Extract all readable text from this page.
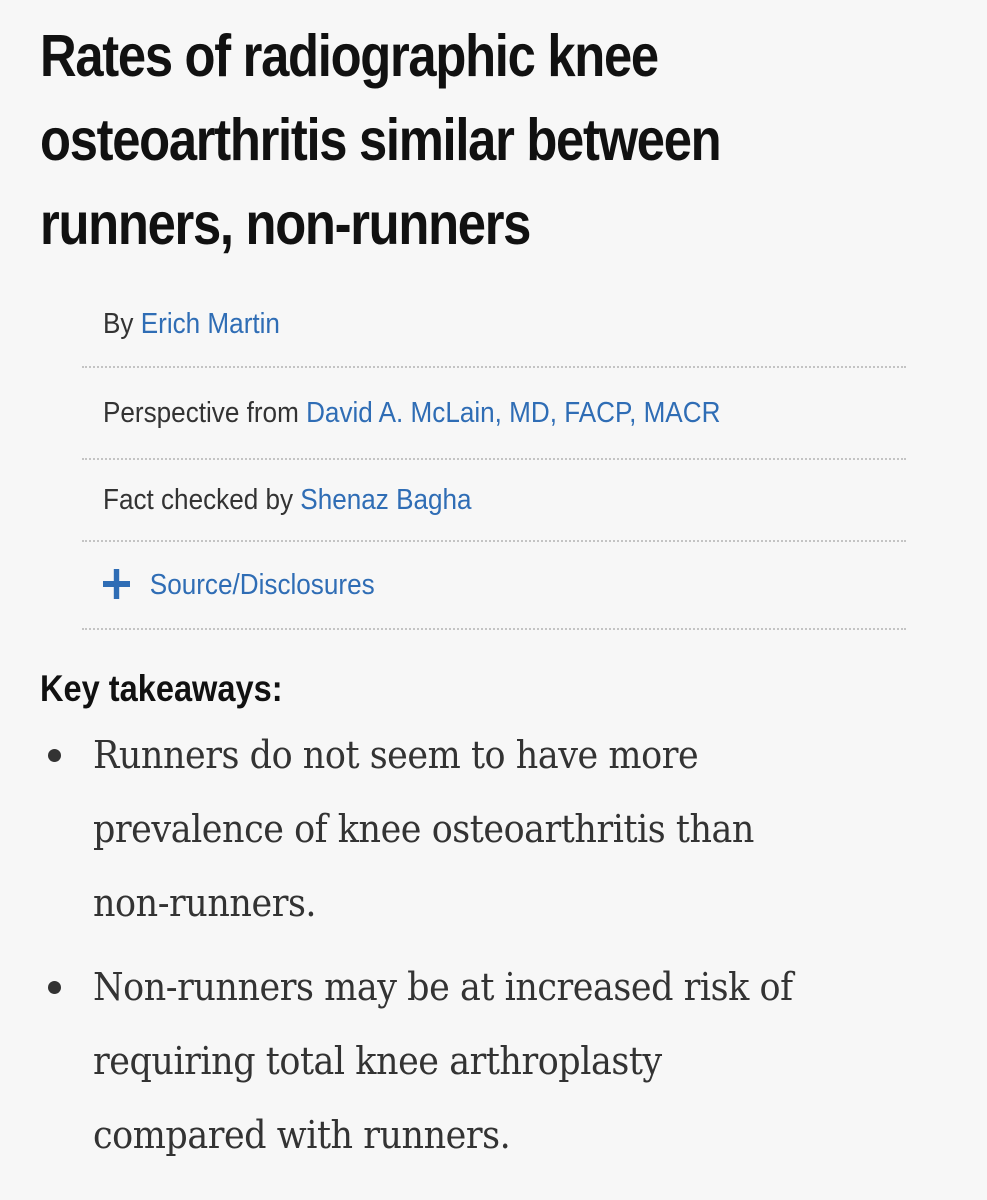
Rates of radiographic knee
osteoarthritis similar between
runners, non-runners
By Erich Martin
Perspective from David A. McLain, MD, FACP, MACR
Fact checked by Shenaz Bagha
Source/Disclosures
Key takeaways:
Runners do not seem to have more
prevalence of knee osteoarthritis than
non-runners.
Non-runners may be at increased risk of
requiring total knee arthroplasty
compared with runners.
